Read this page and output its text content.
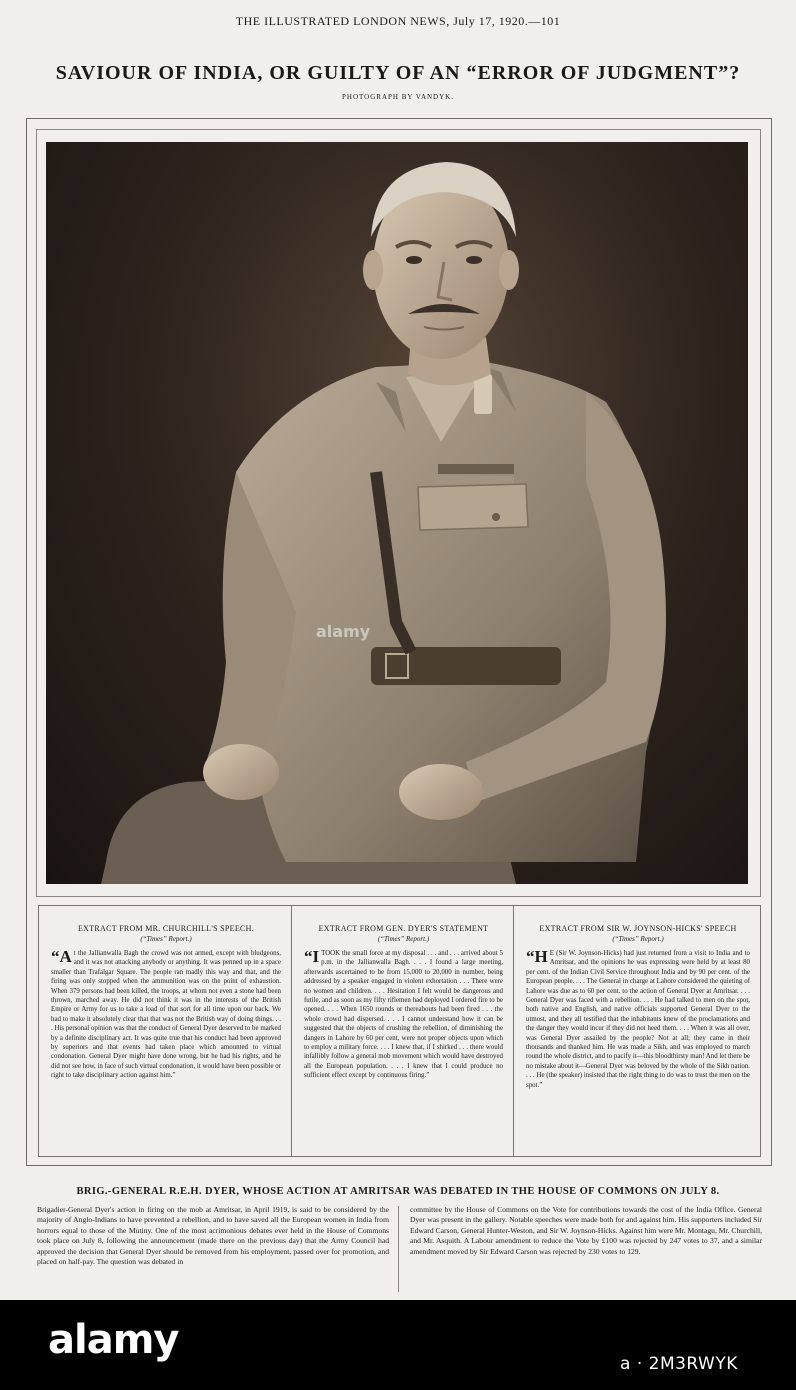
THE ILLUSTRATED LONDON NEWS, July 17, 1920.—101
SAVIOUR OF INDIA, OR GUILTY OF AN “ERROR OF JUDGMENT”?
PHOTOGRAPH BY VANDYK.
alamy
EXTRACT FROM MR. CHURCHILL'S SPEECH.
(“Times” Report.)
“At the Jallianwalla Bagh the crowd was not armed, except with bludgeons, and it was not attacking anybody or anything. It was penned up in a space smaller than Trafalgar Square. The people ran madly this way and that, and the firing was only stopped when the ammunition was on the point of exhaustion. When 379 persons had been killed, the troops, at whom not even a stone had been thrown, marched away. He did not think it was in the interests of the British Empire or Army for us to take a load of that sort for all time upon our back. We had to make it absolutely clear that that was not the British way of doing things. . . . His personal opinion was that the conduct of General Dyer deserved to be marked by a definite disciplinary act. It was quite true that his conduct had been approved by superiors and that events had taken place which amounted to virtual condonation. General Dyer might have done wrong, but he had his rights, and he did not see how, in face of such virtual condonation, it would have been possible or right to take disciplinary action against him.”
EXTRACT FROM GEN. DYER'S STATEMENT
(“Times” Report.)
“ITOOK the small force at my disposal . . . and . . . arrived about 5 p.m. in the Jallianwalla Bagh. . . . I found a large meeting, afterwards ascertained to be from 15,000 to 20,000 in number, being addressed by a speaker engaged in violent exhortation . . . There were no women and children. . . . Hesitation I felt would be dangerous and futile, and as soon as my fifty riflemen had deployed I ordered fire to be opened. . . . When 1650 rounds or thereabouts had been fired . . . the whole crowd had dispersed. . . . I cannot understand how it can be suggested that the objects of crushing the rebellion, of diminishing the dangers in Lahore by 60 per cent, were not proper objects upon which to employ a military force. . . . I knew that, if I shirked . . . there would infallibly follow a general mob movement which would have destroyed all the European population. . . . I knew that I could produce no sufficient effect except by continuous firing.”
EXTRACT FROM SIR W. JOYNSON-HICKS' SPEECH
(“Times” Report.)
“H E (Sir W. Joynson-Hicks) had just returned from a visit to India and to Amritsar, and the opinions he was expressing were held by at least 80 per cent. of the Indian Civil Service throughout India and by 90 per cent. of the European people. . . . The General in charge at Lahore considered the quieting of Lahore was due as to 60 per cent. to the action of General Dyer at Amritsar. . . . General Dyer was faced with a rebellion. . . . He had talked to men on the spot, both native and English, and native officials supported General Dyer to the utmost, and they all testified that the inhabitants knew of the proclamations and the danger they would incur if they did not heed them. . . . When it was all over, was General Dyer assailed by the people? Not at all; they came in their thousands and thanked him. He was made a Sikh, and was employed to march round the whole district, and to pacify it—this bloodthirsty man! And let there be no mistake about it—General Dyer was beloved by the whole of the Sikh nation. . . . He (the speaker) insisted that the right thing to do was to trust the men on the spot.”
BRIG.-GENERAL R.E.H. DYER, WHOSE ACTION AT AMRITSAR WAS DEBATED IN THE HOUSE OF COMMONS ON JULY 8.
Brigadier-General Dyer's action in firing on the mob at Amritsar, in April 1919, is said to be considered by the majority of Anglo-Indians to have prevented a rebellion, and to have saved all the European women in India from horrors equal to those of the Mutiny. One of the most acrimonious debates ever held in the House of Commons took place on July 8, following the announcement (made there on the previous day) that the Army Council had approved the decision that General Dyer should be removed from his employment, passed over for promotion, and placed on half-pay. The question was debated in
committee by the House of Commons on the Vote for contributions towards the cost of the India Office. General Dyer was present in the gallery. Notable speeches were made both for and against him. His supporters included Sir Edward Carson, General Hunter-Weston, and Sir W. Joynson-Hicks. Against him were Mr. Montagu, Mr. Churchill, and Mr. Asquith. A Labour amendment to reduce the Vote by £100 was rejected by 247 votes to 37, and a similar amendment moved by Sir Edward Carson was rejected by 230 votes to 129.
alamy
a · 2M3RWYK
